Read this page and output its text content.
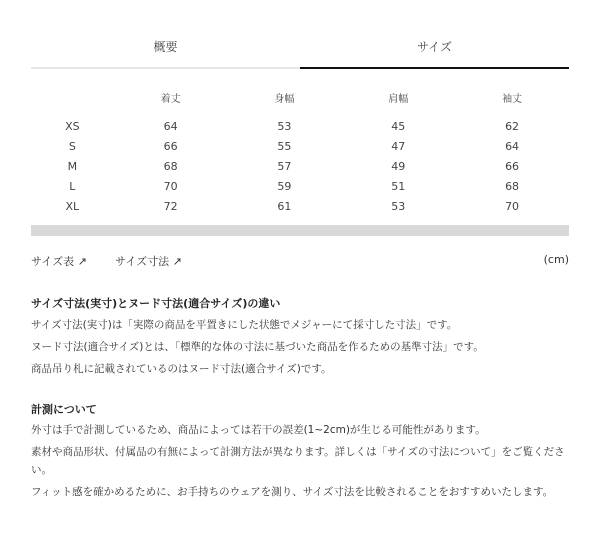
概要	サイズ
	着丈	身幅	肩幅	袖丈

XS	64	53	45	62
S	66	55	47	64
M	68	57	49	66
L	70	59	51	68
XL	72	61	53	70
サイズ表 ↗	サイズ寸法 ↗	(cm)
サイズ寸法(実寸)とヌード寸法(適合サイズ)の違い
サイズ寸法(実寸)は「実際の商品を平置きにした状態でメジャーにて採寸した寸法」です。
ヌード寸法(適合サイズ)とは、「標準的な体の寸法に基づいた商品を作るための基準寸法」です。
商品吊り札に記載されているのはヌード寸法(適合サイズ)です。
計測について
外寸は手で計測しているため、商品によっては若干の誤差(1~2cm)が生じる可能性があります。
素材や商品形状、付属品の有無によって計測方法が異なります。詳しくは「サイズの寸法について」をご覧ください。
フィット感を確かめるために、お手持ちのウェアを測り、サイズ寸法を比較されることをおすすめいたします。
